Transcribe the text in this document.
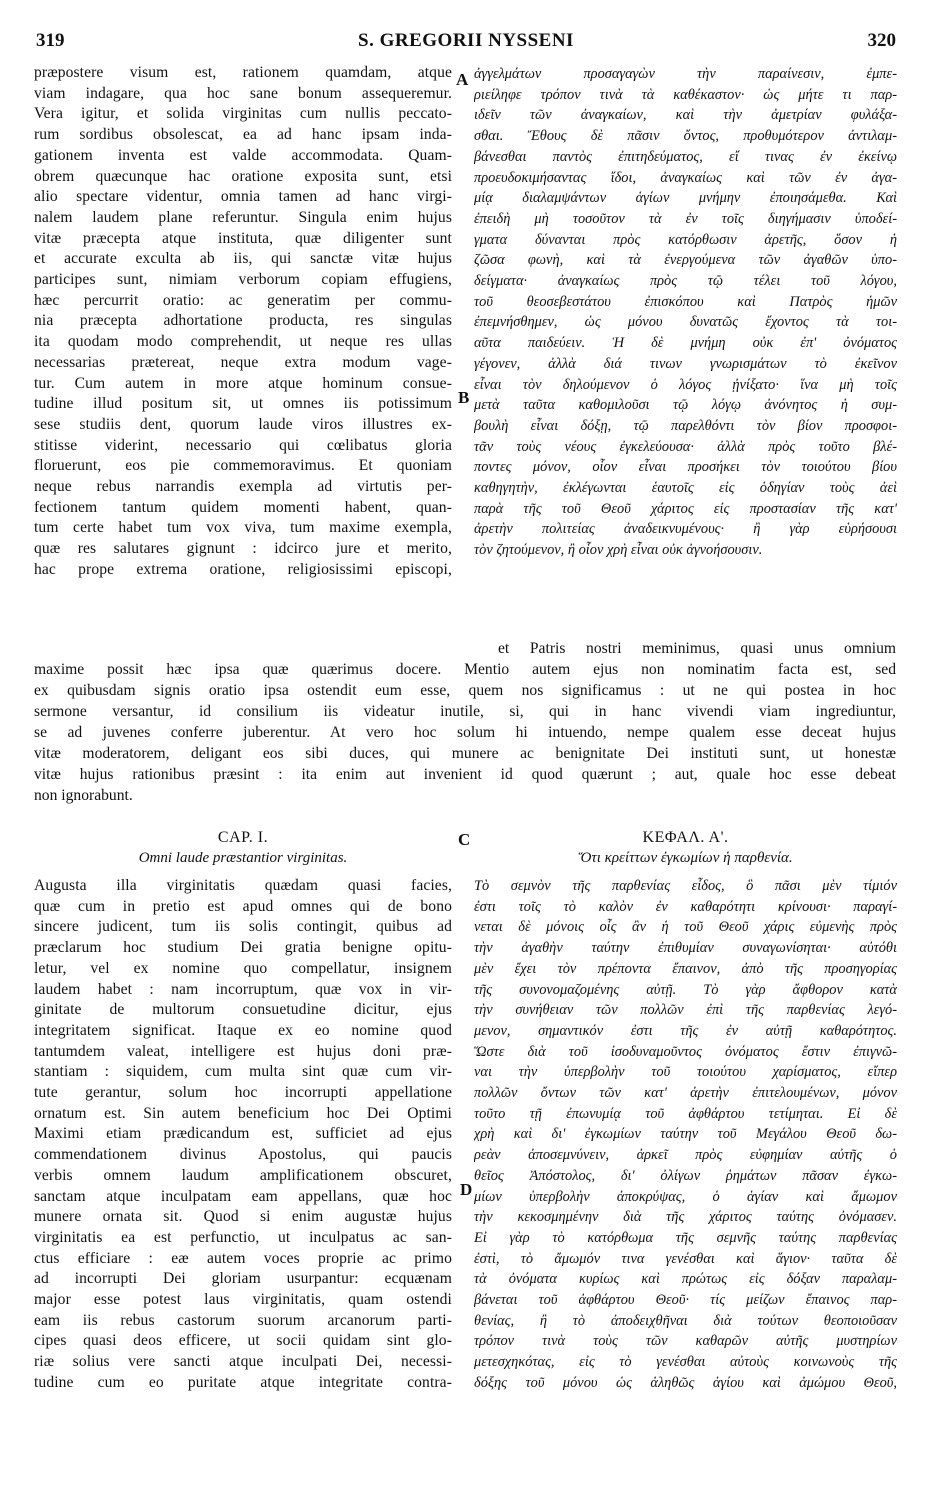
319	S. GREGORII NYSSENI	320
præpostere visum est, rationem quamdam, atque
viam indagare, qua hoc sane bonum assequeremur.
Vera igitur, et solida virginitas cum nullis peccato-
rum sordibus obsolescat, ea ad hanc ipsam inda-
gationem inventa est valde accommodata. Quam-
obrem quæcunque hac oratione exposita sunt, etsi
alio spectare videntur, omnia tamen ad hanc virgi-
nalem laudem plane referuntur. Singula enim hujus
vitæ præcepta atque instituta, quæ diligenter sunt
et accurate exculta ab iis, qui sanctæ vitæ hujus
participes sunt, nimiam verborum copiam effugiens,
hæc percurrit oratio: ac generatim per commu-
nia præcepta adhortatione producta, res singulas
ita quodam modo comprehendit, ut neque res ullas
necessarias prætereat, neque extra modum vage-
tur. Cum autem in more atque hominum consue-
tudine illud positum sit, ut omnes iis potissimum
sese studiis dent, quorum laude viros illustres ex-
stitisse viderint, necessario qui cœlibatus gloria
floruerunt, eos pie commemoravimus. Et quoniam
neque rebus narrandis exempla ad virtutis per-
fectionem tantum quidem momenti habent, quan-
tum certe habet tum vox viva, tum maxime exempla,
quæ res salutares gignunt : idcirco jure et merito,
hac prope extrema oratione, religiosissimi episcopi,
ἀγγελμάτων προσαγαγὼν τὴν παραίνεσιν, ἐμπε-
ριείληφε τρόπον τινὰ τὰ καθέκαστον· ὡς μήτε τι παρ-
ιδεῖν τῶν ἀναγκαίων, καὶ τὴν ἀμετρίαν φυλάξα-
σθαι. Ἔθους δὲ πᾶσιν ὄντος, προθυμότερον ἀντιλαμ-
βάνεσθαι παντὸς ἐπιτηδεύματος, εἴ τινας ἐν ἐκείνῳ
προευδοκιμήσαντας ἴδοι, ἀναγκαίως καὶ τῶν ἐν ἀγα-
μίᾳ διαλαμψάντων ἁγίων μνήμην ἐποιησάμεθα. Καὶ
ἐπειδὴ μὴ τοσοῦτον τὰ ἐν τοῖς διηγήμασιν ὑποδεί-
γματα δύνανται πρὸς κατόρθωσιν ἀρετῆς, ὅσον ἡ
ζῶσα φωνὴ, καὶ τὰ ἐνεργούμενα τῶν ἀγαθῶν ὑπο-
δείγματα· ἀναγκαίως πρὸς τῷ τέλει τοῦ λόγου,
τοῦ θεοσεβεστάτου ἐπισκόπου καὶ Πατρὸς ἡμῶν
ἐπεμνήσθημεν, ὡς μόνου δυνατῶς ἔχοντος τὰ τοι-
αῦτα παιδεύειν. Ἡ δὲ μνήμη οὐκ ἐπ' ὀνόματος
γέγονεν, ἀλλὰ διά τινων γνωρισμάτων τὸ ἐκεῖνον
εἶναι τὸν δηλούμενον ὁ λόγος ᾐνίξατο· ἵνα μὴ τοῖς
μετὰ ταῦτα καθομιλοῦσι τῷ λόγῳ ἀνόνητος ἡ συμ-
βουλὴ εἶναι δόξῃ, τῷ παρελθόντι τὸν βίον προσφοι-
τᾶν τοὺς νέους ἐγκελεύουσα· ἀλλὰ πρὸς τοῦτο βλέ-
ποντες μόνον, οἷον εἶναι προσήκει τὸν τοιούτου βίου
καθηγητὴν, ἐκλέγωνται ἑαυτοῖς εἰς ὁδηγίαν τοὺς ἀεὶ
παρὰ τῆς τοῦ Θεοῦ χάριτος εἰς προστασίαν τῆς κατ'
ἀρετὴν πολιτείας ἀναδεικνυμένους· ἢ γὰρ εὑρήσουσι
τὸν ζητούμενον, ἢ οἷον χρὴ εἶναι οὐκ ἀγνοήσουσιν.
et Patris nostri meminimus, quasi unus omnium
maxime possit hæc ipsa quæ quærimus docere. Mentio autem ejus non nominatim facta est, sed
ex quibusdam signis oratio ipsa ostendit eum esse, quem nos significamus : ut ne qui postea in hoc
sermone versantur, id consilium iis videatur inutile, si, qui in hanc vivendi viam ingrediuntur,
se ad juvenes conferre juberentur. At vero hoc solum hi intuendo, nempe qualem esse deceat hujus
vitæ moderatorem, deligant eos sibi duces, qui munere ac benignitate Dei instituti sunt, ut honestæ
vitæ hujus rationibus præsint : ita enim aut invenient id quod quærunt ; aut, quale hoc esse debeat
non ignorabunt.
A
B
C
D
CAP. I.
Omni laude præstantior virginitas.
ΚΕΦΑΛ. Α'.
Ὅτι κρείττων ἐγκωμίων ἡ παρθενία.
Augusta illa virginitatis quædam quasi facies,
quæ cum in pretio est apud omnes qui de bono
sincere judicent, tum iis solis contingit, quibus ad
præclarum hoc studium Dei gratia benigne opitu-
letur, vel ex nomine quo compellatur, insignem
laudem habet : nam incorruptum, quæ vox in vir-
ginitate de multorum consuetudine dicitur, ejus
integritatem significat. Itaque ex eo nomine quod
tantumdem valeat, intelligere est hujus doni præ-
stantiam : siquidem, cum multa sint quæ cum vir-
tute gerantur, solum hoc incorrupti appellatione
ornatum est. Sin autem beneficium hoc Dei Optimi
Maximi etiam prædicandum est, sufficiet ad ejus
commendationem divinus Apostolus, qui paucis
verbis omnem laudum amplificationem obscuret,
sanctam atque inculpatam eam appellans, quæ hoc
munere ornata sit. Quod si enim augustæ hujus
virginitatis ea est perfunctio, ut inculpatus ac san-
ctus efficiare : eæ autem voces proprie ac primo
ad incorrupti Dei gloriam usurpantur: ecquænam
major esse potest laus virginitatis, quam ostendi
eam iis rebus castorum suorum arcanorum parti-
cipes quasi deos efficere, ut socii quidam sint glo-
riæ solius vere sancti atque inculpati Dei, necessi-
tudine cum eo puritate atque integritate contra-
Τὸ σεμνὸν τῆς παρθενίας εἶδος, ὃ πᾶσι μὲν τίμιόν
ἐστι τοῖς τὸ καλὸν ἐν καθαρότητι κρίνουσι· παραγί-
νεται δὲ μόνοις οἷς ἂν ἡ τοῦ Θεοῦ χάρις εὐμενὴς πρὸς
τὴν ἀγαθὴν ταύτην ἐπιθυμίαν συναγωνίσηται· αὐτόθι
μὲν ἔχει τὸν πρέποντα ἔπαινον, ἀπὸ τῆς προσηγορίας
τῆς συνονομαζομένης αὐτῇ. Τὸ γὰρ ἄφθορον κατὰ
τὴν συνήθειαν τῶν πολλῶν ἐπὶ τῆς παρθενίας λεγό-
μενον, σημαντικόν ἐστι τῆς ἐν αὐτῇ καθαρότητος.
Ὥστε διὰ τοῦ ἰσοδυναμοῦντος ὀνόματος ἔστιν ἐπιγνῶ-
ναι τὴν ὑπερβολὴν τοῦ τοιούτου χαρίσματος, εἴπερ
πολλῶν ὄντων τῶν κατ' ἀρετὴν ἐπιτελουμένων, μόνον
τοῦτο τῇ ἐπωνυμίᾳ τοῦ ἀφθάρτου τετίμηται. Εἰ δὲ
χρὴ καὶ δι' ἐγκωμίων ταύτην τοῦ Μεγάλου Θεοῦ δω-
ρεὰν ἀποσεμνύνειν, ἀρκεῖ πρὸς εὐφημίαν αὐτῆς ὁ
θεῖος Ἀπόστολος, δι' ὀλίγων ῥημάτων πᾶσαν ἐγκω-
μίων ὑπερβολὴν ἀποκρύψας, ὁ ἁγίαν καὶ ἄμωμον
τὴν κεκοσμημένην διὰ τῆς χάριτος ταύτης ὀνόμασεν.
Εἰ γὰρ τὸ κατόρθωμα τῆς σεμνῆς ταύτης παρθενίας
ἐστὶ, τὸ ἄμωμόν τινα γενέσθαι καὶ ἅγιον· ταῦτα δὲ
τὰ ὀνόματα κυρίως καὶ πρώτως εἰς δόξαν παραλαμ-
βάνεται τοῦ ἀφθάρτου Θεοῦ· τίς μείζων ἔπαινος παρ-
θενίας, ἢ τὸ ἀποδειχθῆναι διὰ τούτων θεοποιοῦσαν
τρόπον τινὰ τοὺς τῶν καθαρῶν αὐτῆς μυστηρίων
μετεσχηκότας, εἰς τὸ γενέσθαι αὐτοὺς κοινωνοὺς τῆς
δόξης τοῦ μόνου ὡς ἀληθῶς ἁγίου καὶ ἀμώμου Θεοῦ,
